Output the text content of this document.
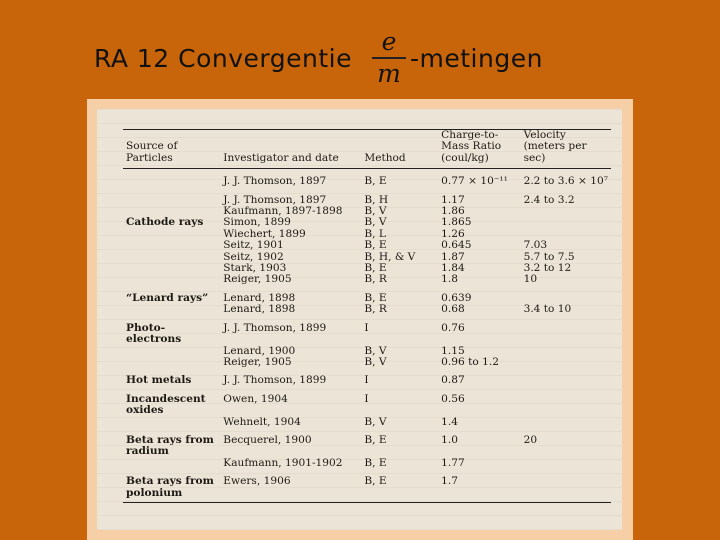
RA 12 Convergentie $\frac{e}{m}$ -metingen
Source of Particles	Investigator and date	Method	Charge-to-Mass Ratio (coul/kg)	Velocity (meters per sec)
	J. J. Thomson, 1897	B, E	0.77 × 10⁻¹¹	2.2 to 3.6 × 10⁷
	J. J. Thomson, 1897	B, H	1.17	2.4 to 3.2
	Kaufmann, 1897-1898	B, V	1.86	
Cathode rays	Simon, 1899	B, V	1.865	
	Wiechert, 1899	B, L	1.26	
	Seitz, 1901	B, E	0.645	7.03
	Seitz, 1902	B, H, & V	1.87	5.7 to 7.5
	Stark, 1903	B, E	1.84	3.2 to 12
	Reiger, 1905	B, R	1.8	10
“Lenard rays”	Lenard, 1898	B, E	0.639	
	Lenard, 1898	B, R	0.68	3.4 to 10
Photo-electrons	J. J. Thomson, 1899	I	0.76	
	Lenard, 1900	B, V	1.15	
	Reiger, 1905	B, V	0.96 to 1.2	
Hot metals	J. J. Thomson, 1899	I	0.87	
Incandescent oxides	Owen, 1904	I	0.56	
	Wehnelt, 1904	B, V	1.4	
Beta rays from radium	Becquerel, 1900	B, E	1.0	20
	Kaufmann, 1901-1902	B, E	1.77	
Beta rays from polonium	Ewers, 1906	B, E	1.7	
